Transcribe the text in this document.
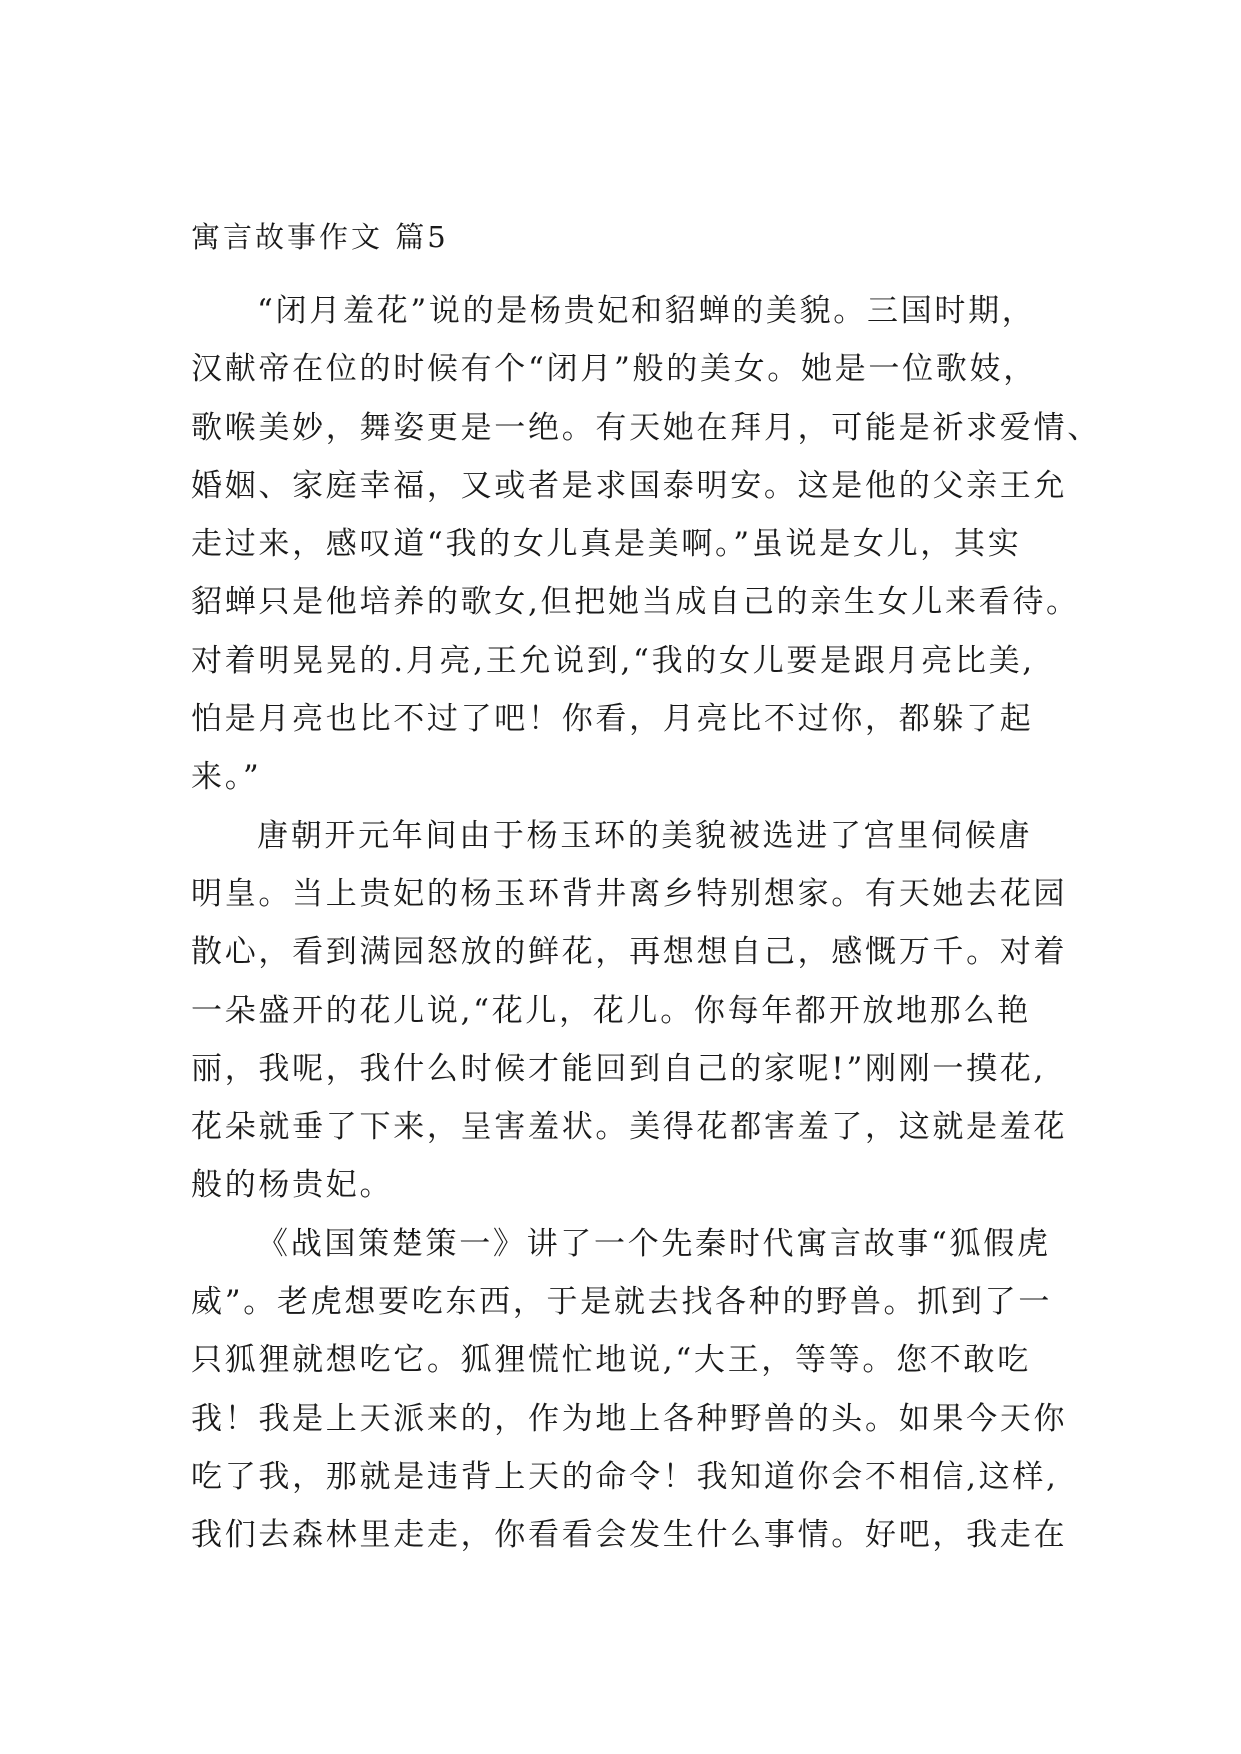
寓言故事作文 篇5
“闭月羞花”说的是杨贵妃和貂蝉的美貌。三国时期，
汉献帝在位的时候有个“闭月”般的美女。她是一位歌妓，
歌喉美妙，舞姿更是一绝。有天她在拜月，可能是祈求爱情、
婚姻、家庭幸福，又或者是求国泰明安。这是他的父亲王允
走过来，感叹道“我的女儿真是美啊。”虽说是女儿，其实
貂蝉只是他培养的歌女,但把她当成自己的亲生女儿来看待。
对着明晃晃的.月亮,王允说到,“我的女儿要是跟月亮比美,
怕是月亮也比不过了吧！你看，月亮比不过你，都躲了起
来。”
唐朝开元年间由于杨玉环的美貌被选进了宫里伺候唐
明皇。当上贵妃的杨玉环背井离乡特别想家。有天她去花园
散心，看到满园怒放的鲜花，再想想自己，感慨万千。对着
一朵盛开的花儿说,“花儿，花儿。你每年都开放地那么艳
丽，我呢，我什么时候才能回到自己的家呢!”刚刚一摸花,
花朵就垂了下来，呈害羞状。美得花都害羞了，这就是羞花
般的杨贵妃。
《战国策楚策一》讲了一个先秦时代寓言故事“狐假虎
威”。老虎想要吃东西，于是就去找各种的野兽。抓到了一
只狐狸就想吃它。狐狸慌忙地说,“大王，等等。您不敢吃
我！我是上天派来的，作为地上各种野兽的头。如果今天你
吃了我，那就是违背上天的命令！我知道你会不相信,这样,
我们去森林里走走，你看看会发生什么事情。好吧，我走在
